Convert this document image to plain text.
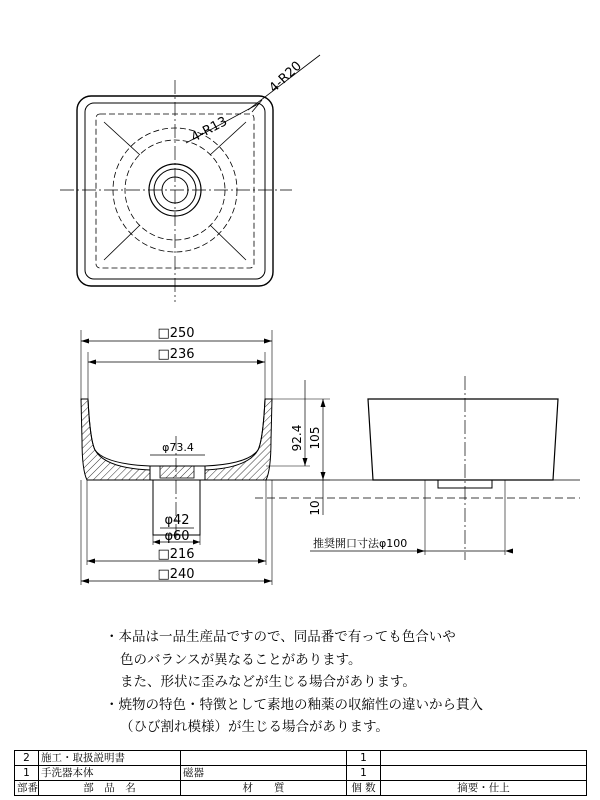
4-R20
4-R13
□250
□236
φ73.4	92.4 105
10
φ42
φ60
□216
□240
推奨開口寸法φ100
・本品は一品生産品ですので、同品番で有っても色合いや
色のバランスが異なることがあります。
また、形状に歪みなどが生じる場合があります。
・焼物の特色・特徴として素地の釉薬の収縮性の違いから貫入
（ひび割れ模様）が生じる場合があります。
2	施工・取扱説明書		1	
1	手洗器本体	磁器	1	
部番	部　品　名	材　　質	個 数	摘要・仕上
